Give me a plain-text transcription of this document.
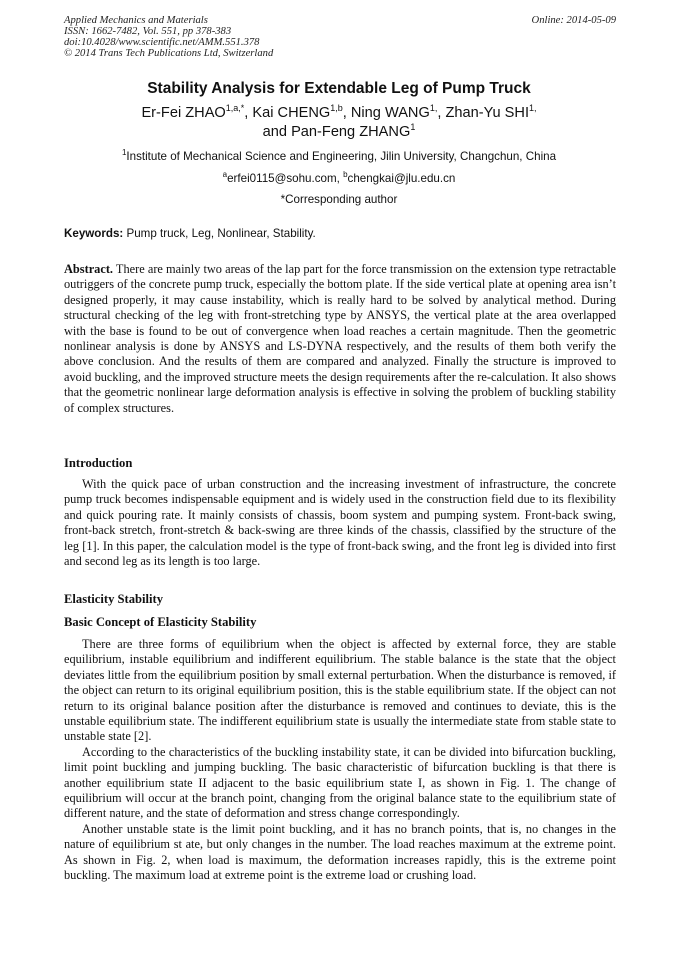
Applied Mechanics and Materials
ISSN: 1662-7482, Vol. 551, pp 378-383
doi:10.4028/www.scientific.net/AMM.551.378
© 2014 Trans Tech Publications Ltd, Switzerland
Online: 2014-05-09
Stability Analysis for Extendable Leg of Pump Truck
Er-Fei $ZHAO^{1,a,*}$, Kai CHENG$^{1,b}$, Ning $WANG^{1,}$, Zhan-Yu $SHI^{1,}$
and Pan-Feng ZHANG$^1$
$^1$Institute of Mechanical Science and Engineering, Jilin University, Changchun, China
$^a$erfei0115@sohu.com, $^b$chengkai@jlu.edu.cn
*Corresponding author
Keywords: Pump truck, Leg, Nonlinear, Stability.

Abstract. There are mainly two areas of the lap part for the force transmission on the extension type retractable outriggers of the concrete pump truck, especially the bottom plate. If the side vertical plate at opening area isn’t designed properly, it may cause instability, which is really hard to be solved by analytical method. During structural checking of the leg with front-stretching type by ANSYS, the vertical plate at the area overlapped with the base is found to be out of convergence when load reaches a certain magnitude. Then the geometric nonlinear analysis is done by ANSYS and LS-DYNA respectively, and the results of them both verify the above conclusion. And the results of them are compared and analyzed. Finally the structure is improved to avoid buckling, and the improved structure meets the design requirements after the re-calculation. It also shows that the geometric nonlinear large deformation analysis is effective in solving the problem of buckling stability of complex structures.

Introduction

With the quick pace of urban construction and the increasing investment of infrastructure, the concrete pump truck becomes indispensable equipment and is widely used in the construction field due to its flexibility and quick pouring rate. It mainly consists of chassis, boom system and pumping system. Front-back swing, front-back stretch, front-stretch & back-swing are three kinds of the chassis, classified by the structure of the leg [1]. In this paper, the calculation model is the type of front-back swing, and the front leg is divided into first and second leg as its length is too large.

Elasticity Stability
Basic Concept of Elasticity Stability

There are three forms of equilibrium when the object is affected by external force, they are stable equilibrium, instable equilibrium and indifferent equilibrium. The stable balance is the state that the object deviates little from the equilibrium position by small external perturbation. When the disturbance is removed, if the object can return to its original equilibrium position, this is the stable equilibrium state. If the object can not return to its original balance position after the disturbance is removed and continues to deviate, this is the unstable equilibrium state. The indifferent equilibrium state is usually the intermediate state from stable state to unstable state [2].

According to the characteristics of the buckling instability state, it can be divided into bifurcation buckling, limit point buckling and jumping buckling. The basic characteristic of bifurcation buckling is that there is another equilibrium state II adjacent to the basic equilibrium state I, as shown in Fig. 1. The change of equilibrium will occur at the branch point, changing from the original balance state to the equilibrium state of different nature, and the state of deformation and stress change correspondingly.

Another unstable state is the limit point buckling, and it has no branch points, that is, no changes in the nature of equilibrium st ate, but only changes in the number. The load reaches maximum at the extreme point. As shown in Fig. 2, when load is maximum, the deformation increases rapidly, this is the extreme point buckling. The maximum load at extreme point is the extreme load or crushing load.
